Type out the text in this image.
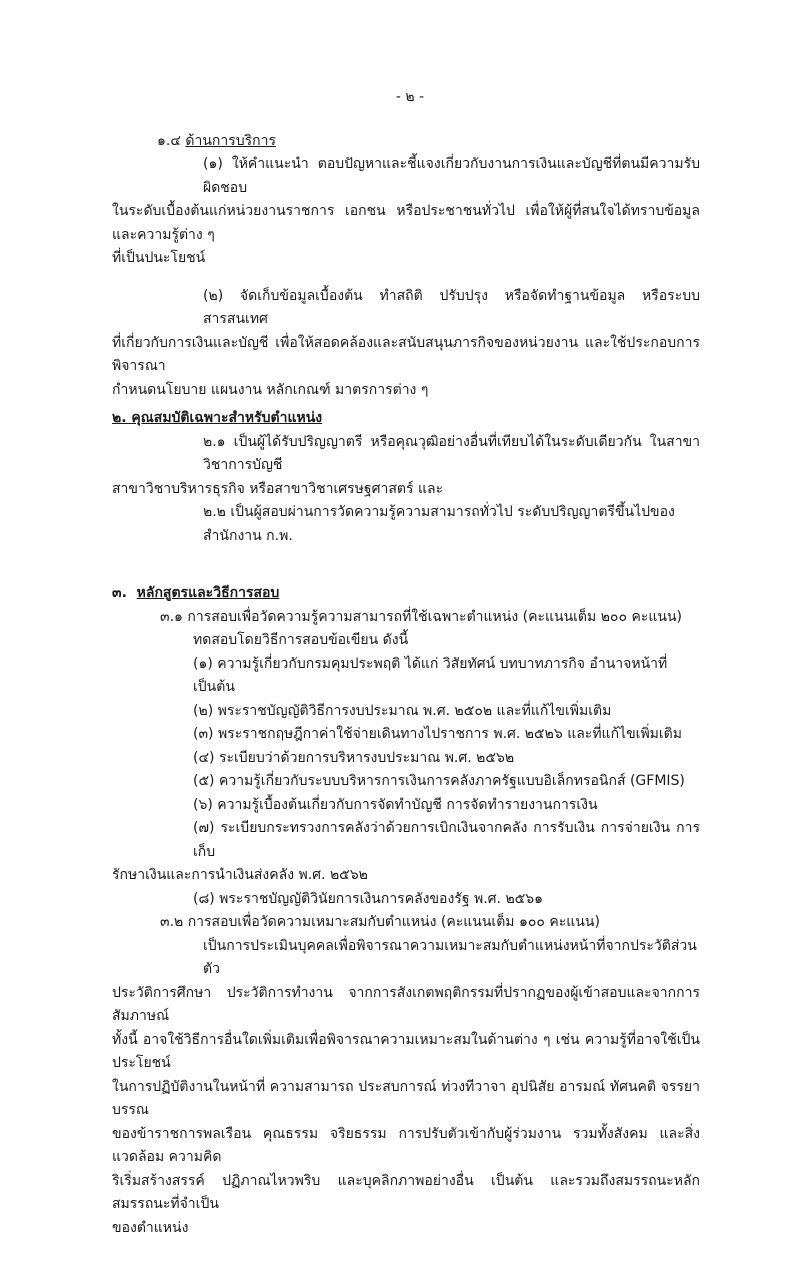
- ๒ -
๑.๔ ด้านการบริการ
(๑) ให้คำแนะนำ ตอบปัญหาและชี้แจงเกี่ยวกับงานการเงินและบัญชีที่ตนมีความรับผิดชอบ
ในระดับเบื้องต้นแก่หน่วยงานราชการ เอกชน หรือประชาชนทั่วไป เพื่อให้ผู้ที่สนใจได้ทราบข้อมูลและความรู้ต่าง ๆ
ที่เป็นปนะโยชน์
(๒) จัดเก็บข้อมูลเบื้องต้น ทำสถิติ ปรับปรุง หรือจัดทำฐานข้อมูล หรือระบบสารสนเทศ
ที่เกี่ยวกับการเงินและบัญชี เพื่อให้สอดคล้องและสนับสนุนภารกิจของหน่วยงาน และใช้ประกอบการพิจารณา
กำหนดนโยบาย แผนงาน หลักเกณฑ์ มาตรการต่าง ๆ
๒. คุณสมบัติเฉพาะสำหรับตำแหน่ง
๒.๑ เป็นผู้ได้รับปริญญาตรี หรือคุณวุฒิอย่างอื่นที่เทียบได้ในระดับเดียวกัน ในสาขาวิชาการบัญชี
สาขาวิชาบริหารธุรกิจ หรือสาขาวิชาเศรษฐศาสตร์ และ
๒.๒ เป็นผู้สอบผ่านการวัดความรู้ความสามารถทั่วไป ระดับปริญญาตรีขึ้นไปของสำนักงาน ก.พ.
๓. หลักสูตรและวิธีการสอบ
๓.๑ การสอบเพื่อวัดความรู้ความสามารถที่ใช้เฉพาะตำแหน่ง (คะแนนเต็ม ๒๐๐ คะแนน)
ทดสอบโดยวิธีการสอบข้อเขียน ดังนี้
(๑) ความรู้เกี่ยวกับกรมคุมประพฤติ ได้แก่ วิสัยทัศน์ บทบาทภารกิจ อำนาจหน้าที่ เป็นต้น
(๒) พระราชบัญญัติวิธีการงบประมาณ พ.ศ. ๒๕๐๒ และที่แก้ไขเพิ่มเติม
(๓) พระราชกฤษฎีกาค่าใช้จ่ายเดินทางไปราชการ พ.ศ. ๒๕๒๖ และที่แก้ไขเพิ่มเติม
(๔) ระเบียบว่าด้วยการบริหารงบประมาณ พ.ศ. ๒๕๖๒
(๕) ความรู้เกี่ยวกับระบบบริหารการเงินการคลังภาครัฐแบบอิเล็กทรอนิกส์ (GFMIS)
(๖) ความรู้เบื้องต้นเกี่ยวกับการจัดทำบัญชี การจัดทำรายงานการเงิน
(๗) ระเบียบกระทรวงการคลังว่าด้วยการเบิกเงินจากคลัง การรับเงิน การจ่ายเงิน การเก็บ
รักษาเงินและการนำเงินส่งคลัง พ.ศ. ๒๕๖๒
(๘) พระราชบัญญัติวินัยการเงินการคลังของรัฐ พ.ศ. ๒๕๖๑
๓.๒ การสอบเพื่อวัดความเหมาะสมกับตำแหน่ง (คะแนนเต็ม ๑๐๐ คะแนน)
เป็นการประเมินบุคคลเพื่อพิจารณาความเหมาะสมกับตำแหน่งหน้าที่จากประวัติส่วนตัว
ประวัติการศึกษา ประวัติการทำงาน จากการสังเกตพฤติกรรมที่ปรากฏของผู้เข้าสอบและจากการสัมภาษณ์
ทั้งนี้ อาจใช้วิธีการอื่นใดเพิ่มเติมเพื่อพิจารณาความเหมาะสมในด้านต่าง ๆ เช่น ความรู้ที่อาจใช้เป็นประโยชน์
ในการปฏิบัติงานในหน้าที่ ความสามารถ ประสบการณ์ ท่วงทีวาจา อุปนิสัย อารมณ์ ทัศนคติ จรรยาบรรณ
ของข้าราชการพลเรือน คุณธรรม จริยธรรม การปรับตัวเข้ากับผู้ร่วมงาน รวมทั้งสังคม และสิ่งแวดล้อม ความคิด
ริเริ่มสร้างสรรค์ ปฏิภาณไหวพริบ และบุคลิกภาพอย่างอื่น เป็นต้น และรวมถึงสมรรถนะหลัก สมรรถนะที่จำเป็น
ของตำแหน่ง
